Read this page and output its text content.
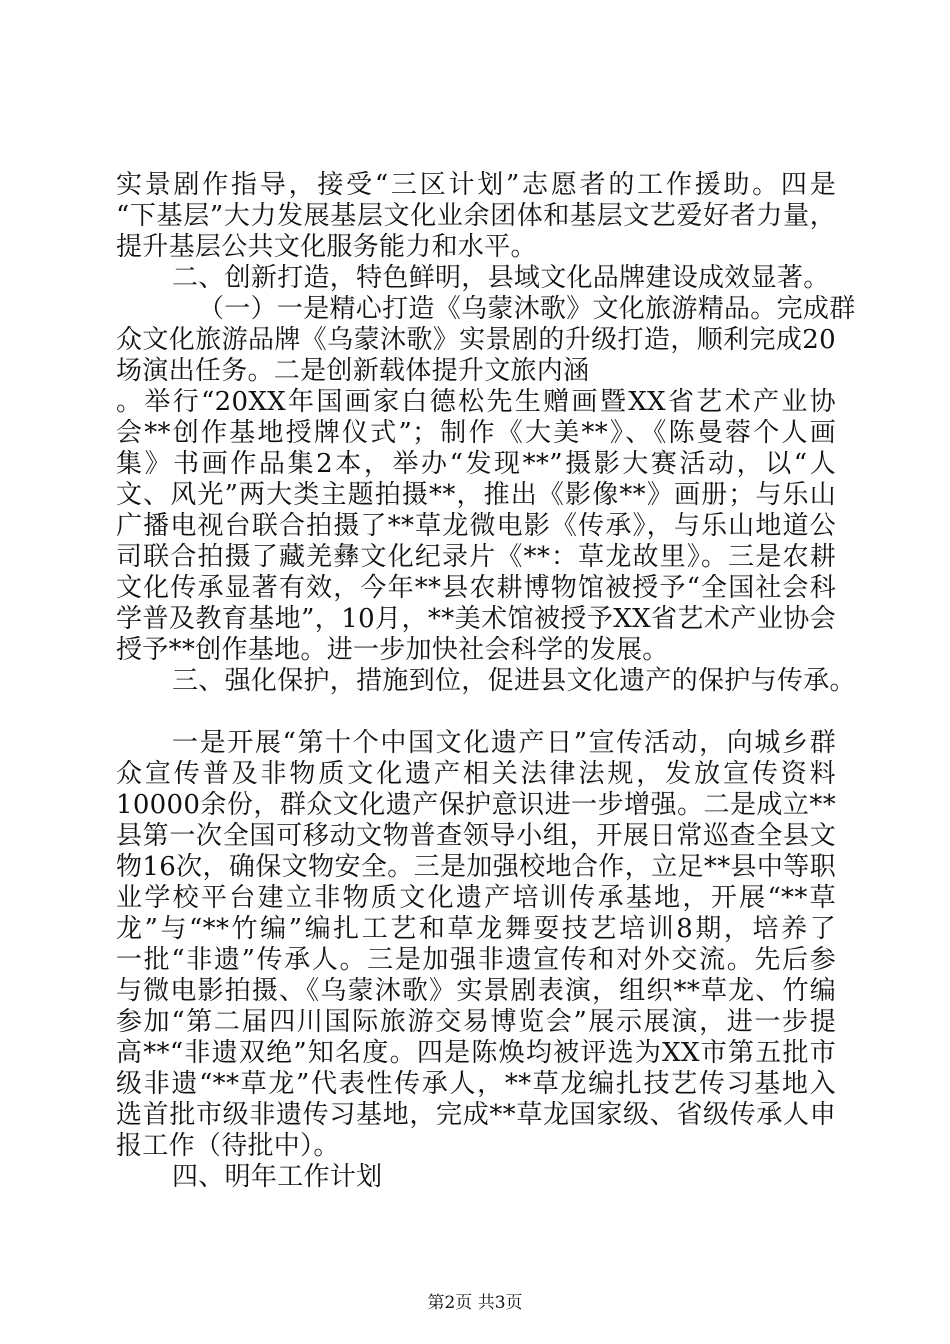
实景剧作指导，接受“三区计划”志愿者的工作援助。四是
“下基层”大力发展基层文化业余团体和基层文艺爱好者力量，
提升基层公共文化服务能力和水平。
二、创新打造，特色鲜明，县域文化品牌建设成效显著。
（一）一是精心打造《乌蒙沐歌》文化旅游精品。完成群
众文化旅游品牌《乌蒙沐歌》实景剧的升级打造，顺利完成20
场演出任务。二是创新载体提升文旅内涵
。举行“20XX年国画家白德松先生赠画暨XX省艺术产业协
会**创作基地授牌仪式”；制作《大美**》、《陈曼蓉个人画
集》书画作品集2本，举办“发现**”摄影大赛活动，以“人
文、风光”两大类主题拍摄**，推出《影像**》画册；与乐山
广播电视台联合拍摄了**草龙微电影《传承》，与乐山地道公
司联合拍摄了藏羌彝文化纪录片《**：草龙故里》。三是农耕
文化传承显著有效，今年**县农耕博物馆被授予“全国社会科
学普及教育基地”，10月，**美术馆被授予XX省艺术产业协会
授予**创作基地。进一步加快社会科学的发展。
三、强化保护，措施到位，促进县文化遗产的保护与传承。
一是开展“第十个中国文化遗产日”宣传活动，向城乡群
众宣传普及非物质文化遗产相关法律法规，发放宣传资料
10000余份，群众文化遗产保护意识进一步增强。二是成立**
县第一次全国可移动文物普查领导小组，开展日常巡查全县文
物16次，确保文物安全。三是加强校地合作，立足**县中等职
业学校平台建立非物质文化遗产培训传承基地，开展“**草
龙”与“**竹编”编扎工艺和草龙舞耍技艺培训8期，培养了
一批“非遗”传承人。三是加强非遗宣传和对外交流。先后参
与微电影拍摄、《乌蒙沐歌》实景剧表演，组织**草龙、竹编
参加“第二届四川国际旅游交易博览会”展示展演，进一步提
高**“非遗双绝”知名度。四是陈焕均被评选为XX市第五批市
级非遗“**草龙”代表性传承人，**草龙编扎技艺传习基地入
选首批市级非遗传习基地，完成**草龙国家级、省级传承人申
报工作（待批中）。
四、明年工作计划
第2页 共3页
